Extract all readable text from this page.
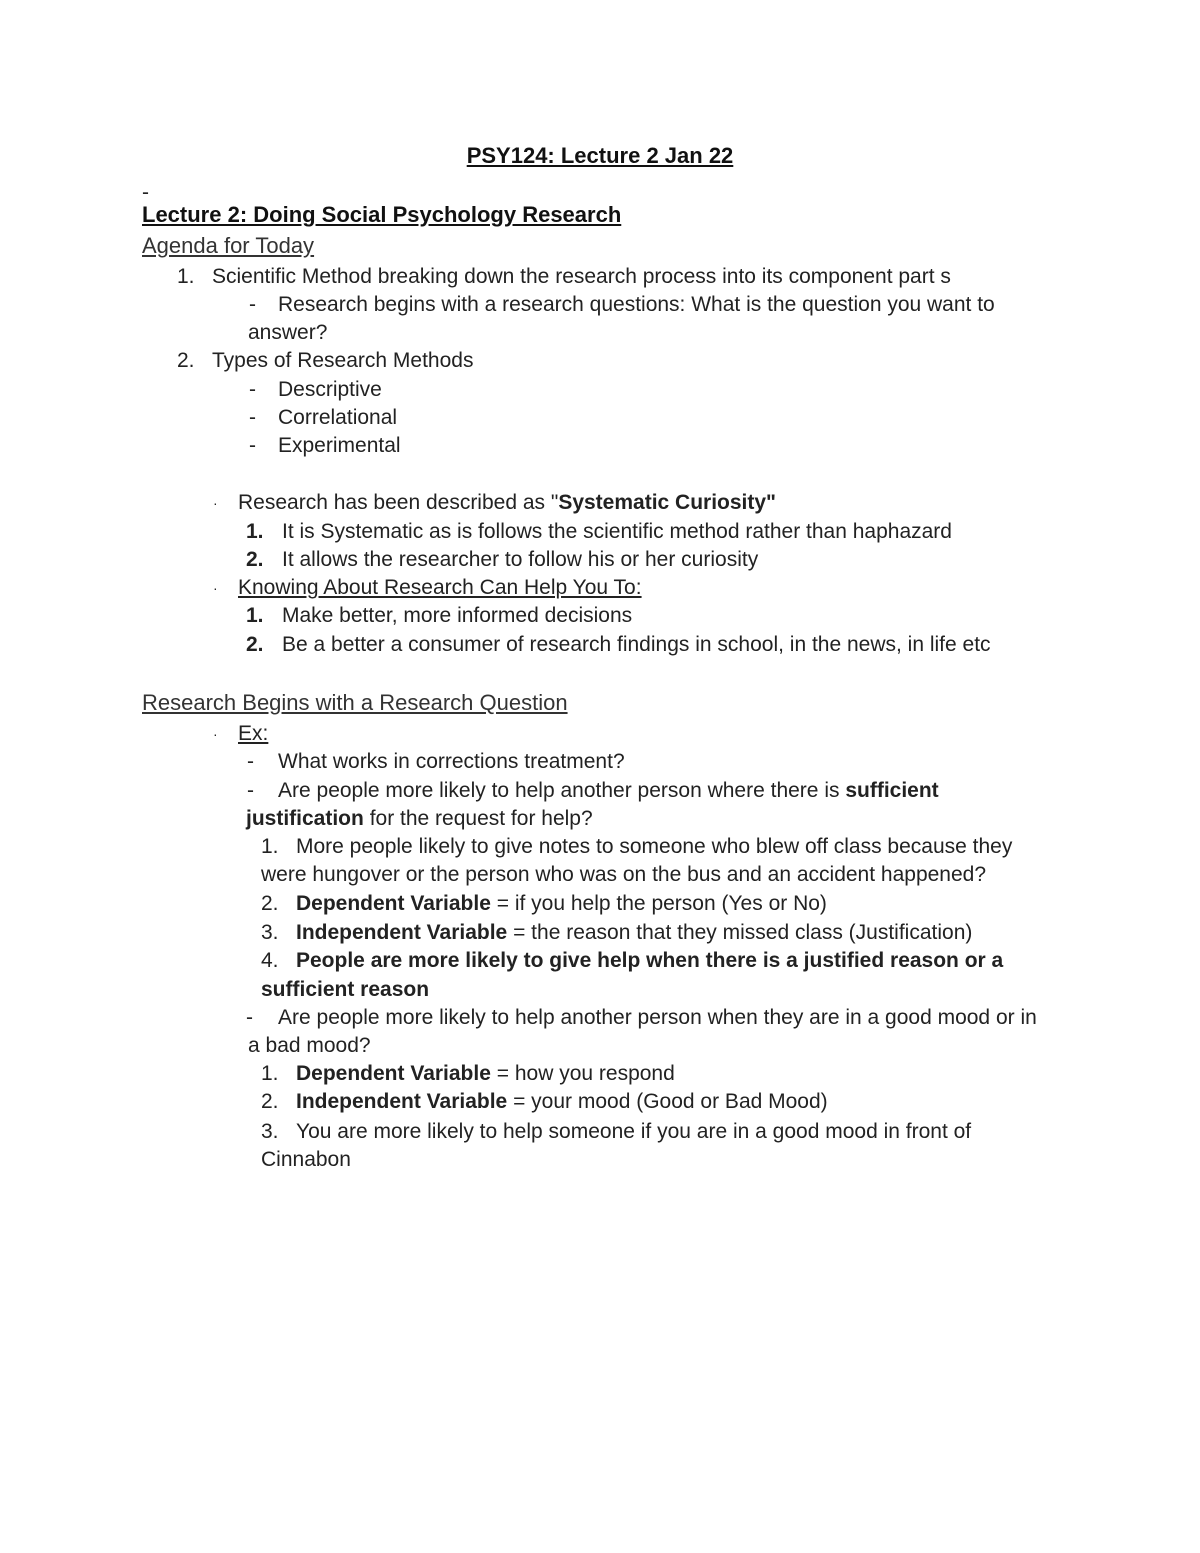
PSY124: Lecture 2 Jan 22
-
Lecture 2: Doing Social Psychology Research
Agenda for Today
1. Scientific Method breaking down the research process into its component part s
- Research begins with a research questions: What is the question you want to
answer?
2. Types of Research Methods
- Descriptive
- Correlational
- Experimental
· Research has been described as "Systematic Curiosity"
1. It is Systematic as is follows the scientific method rather than haphazard
2. It allows the researcher to follow his or her curiosity
· Knowing About Research Can Help You To:
1. Make better, more informed decisions
2. Be a better a consumer of research findings in school, in the news, in life etc
Research Begins with a Research Question
· Ex:
- What works in corrections treatment?
- Are people more likely to help another person where there is sufficient
justification for the request for help?
1. More people likely to give notes to someone who blew off class because they
were hungover or the person who was on the bus and an accident happened?
2. Dependent Variable = if you help the person (Yes or No)
3. Independent Variable = the reason that they missed class (Justification)
4. People are more likely to give help when there is a justified reason or a
sufficient reason
- Are people more likely to help another person when they are in a good mood or in
a bad mood?
1. Dependent Variable = how you respond
2. Independent Variable = your mood (Good or Bad Mood)
3. You are more likely to help someone if you are in a good mood in front of
Cinnabon
